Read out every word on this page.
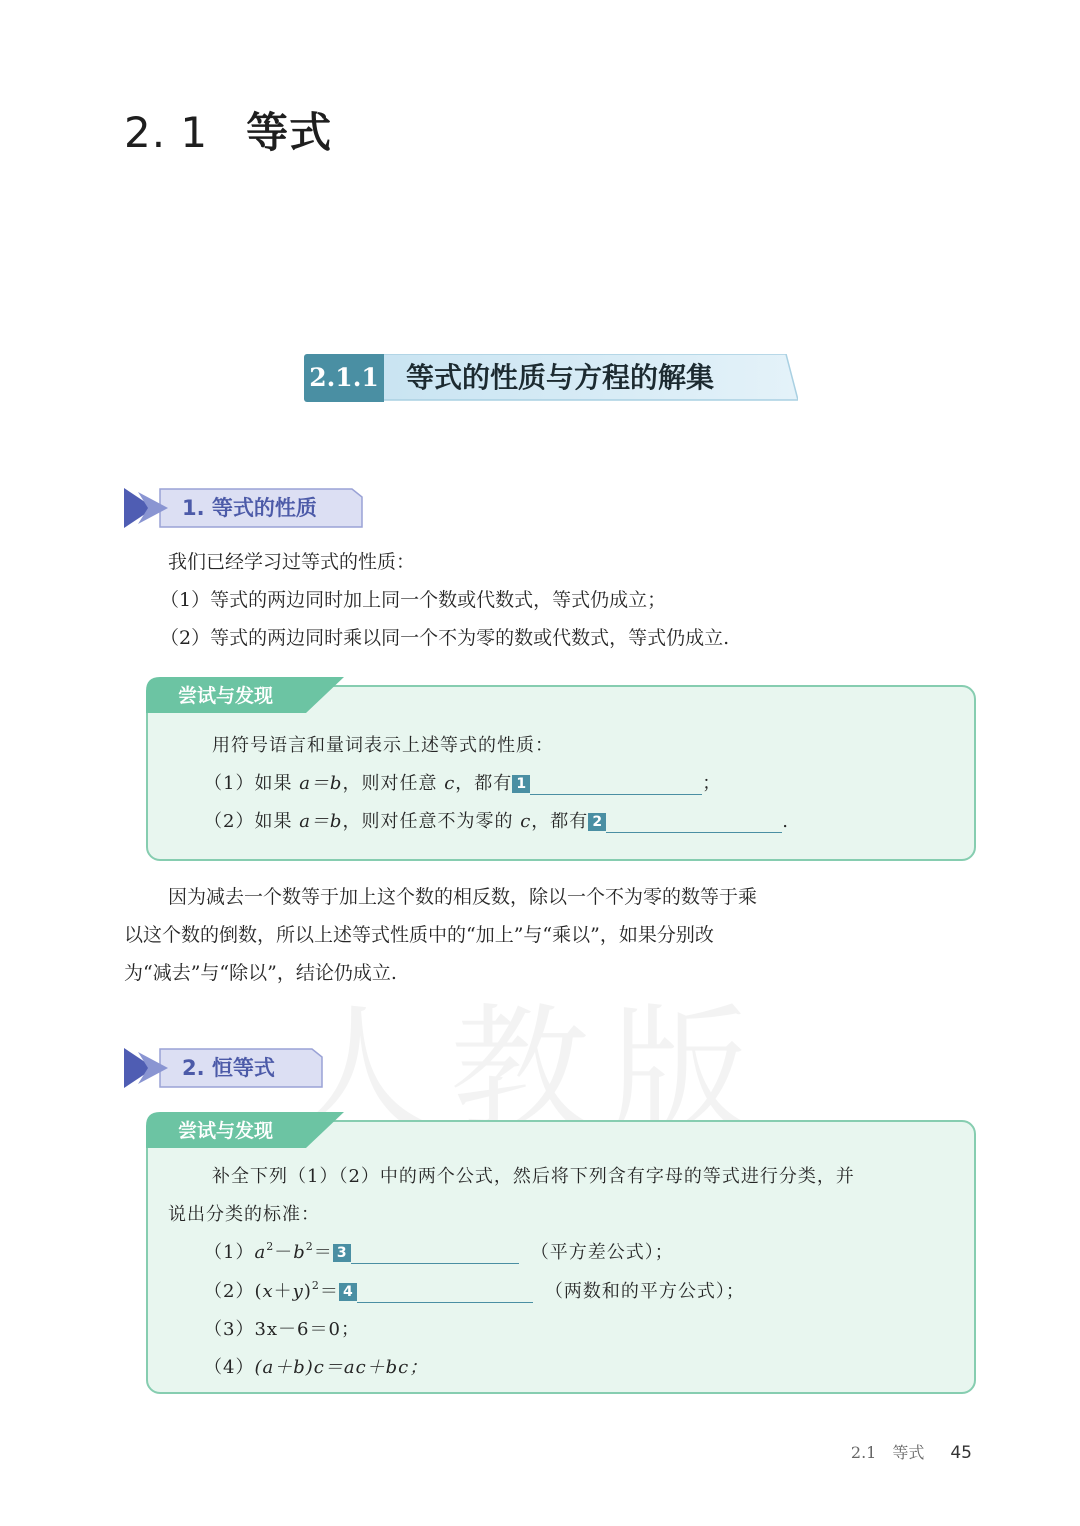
2. 1 等式
2.1.1 等式的性质与方程的解集
1. 等式的性质
我们已经学习过等式的性质：
（1）等式的两边同时加上同一个数或代数式，等式仍成立；
（2）等式的两边同时乘以同一个不为零的数或代数式，等式仍成立.
尝试与发现
用符号语言和量词表示上述等式的性质：
（1）如果 a＝b，则对任意 c，都有 1	；
（2）如果 a＝b，则对任意不为零的 c，都有 2	.
因为减去一个数等于加上这个数的相反数，除以一个不为零的数等于乘
以这个数的倒数，所以上述等式性质中的“加上”与“乘以”，如果分别改
为“减去”与“除以”，结论仍成立.
2. 恒等式
尝试与发现
补全下列（1）（2）中的两个公式，然后将下列含有字母的等式进行分类，并
说出分类的标准：
$(1)a^2-b^2= 3$	（平方差公式）；
$(2)(x+y)^2= 4$	（两数和的平方公式）；
（3）3x－6＝0；
（4）(a＋b)c＝ac＋bc；
2.1　等式 45
